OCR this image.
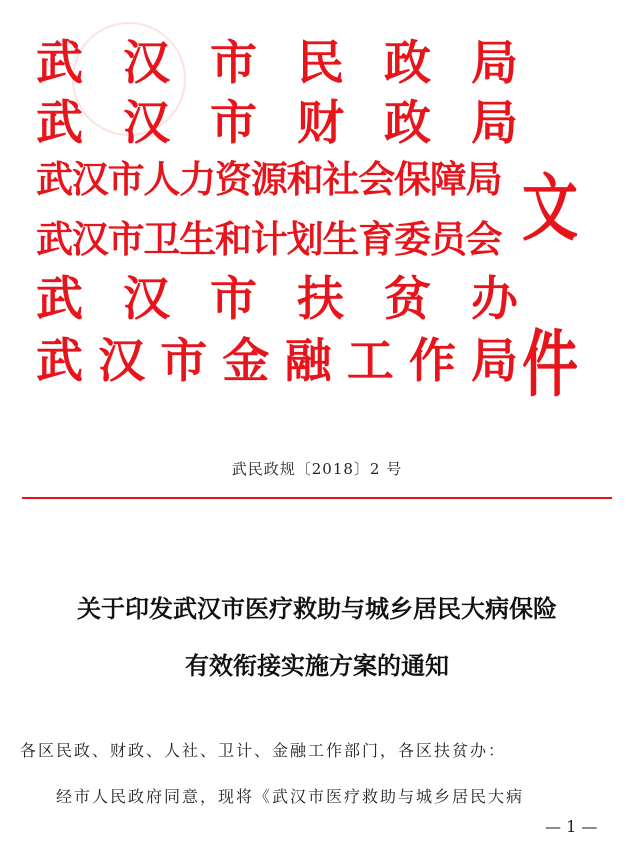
武 汉 市 民 政 局
武 汉 市 财 政 局
武汉市人力资源和社会保障局
武汉市卫生和计划生育委员会
武 汉 市 扶 贫 办
武 汉 市 金 融 工 作 局
文件
武民政规〔2018〕2 号
关于印发武汉市医疗救助与城乡居民大病保险
有效衔接实施方案的通知
各区民政、财政、人社、卫计、金融工作部门，各区扶贫办：
经市人民政府同意，现将《武汉市医疗救助与城乡居民大病
— 1 —
